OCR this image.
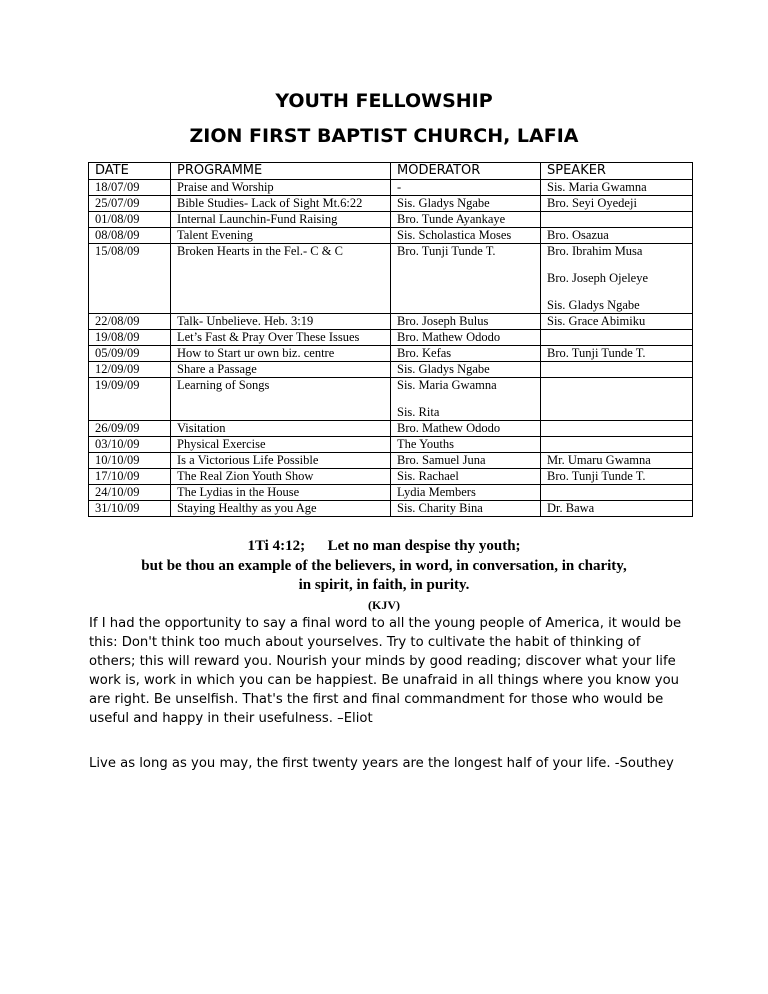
YOUTH FELLOWSHIP
ZION FIRST BAPTIST CHURCH, LAFIA
DATE	PROGRAMME	MODERATOR	SPEAKER
18/07/09	Praise and Worship	-	Sis. Maria Gwamna

25/07/09	Bible Studies- Lack of Sight Mt.6:22	Sis. Gladys Ngabe	Bro. Seyi Oyedeji

01/08/09	Internal Launchin-Fund Raising	Bro. Tunde Ayankaye	

08/08/09	Talent Evening	Sis. Scholastica Moses	Bro. Osazua

15/08/09	Broken Hearts in the Fel.- C & C	Bro. Tunji Tunde T.	Bro. Ibrahim Musa
Bro. Joseph Ojeleye
Sis. Gladys Ngabe

22/08/09	Talk- Unbelieve. Heb. 3:19	Bro. Joseph Bulus	Sis. Grace Abimiku

19/08/09	Let’s Fast & Pray Over These Issues	Bro. Mathew Ododo	

05/09/09	How to Start ur own biz. centre	Bro. Kefas	Bro. Tunji Tunde T.

12/09/09	Share a Passage	Sis. Gladys Ngabe	

19/09/09	Learning of Songs	Sis. Maria Gwamna
Sis. Rita	

26/09/09	Visitation	Bro. Mathew Ododo	

03/10/09	Physical Exercise	The Youths	

10/10/09	Is a Victorious Life Possible	Bro. Samuel Juna	Mr. Umaru Gwamna

17/10/09	The Real Zion Youth Show	Sis. Rachael	Bro. Tunji Tunde T.

24/10/09	The Lydias in the House	Lydia Members	

31/10/09	Staying Healthy as you Age	Sis. Charity Bina	Dr. Bawa
1Ti 4:12;      Let no man despise thy youth;
but be thou an example of the believers, in word, in conversation, in charity,
in spirit, in faith, in purity.
(KJV)
If I had the opportunity to say a final word to all the young people of America, it would be this: Don't think too much about yourselves. Try to cultivate the habit of thinking of others; this will reward you. Nourish your minds by good reading; discover what your life work is, work in which you can be happiest. Be unafraid in all things where you know you are right. Be unselfish. That's the first and final commandment for those who would be useful and happy in their usefulness. –Eliot
Live as long as you may, the first twenty years are the longest half of your life. -Southey
